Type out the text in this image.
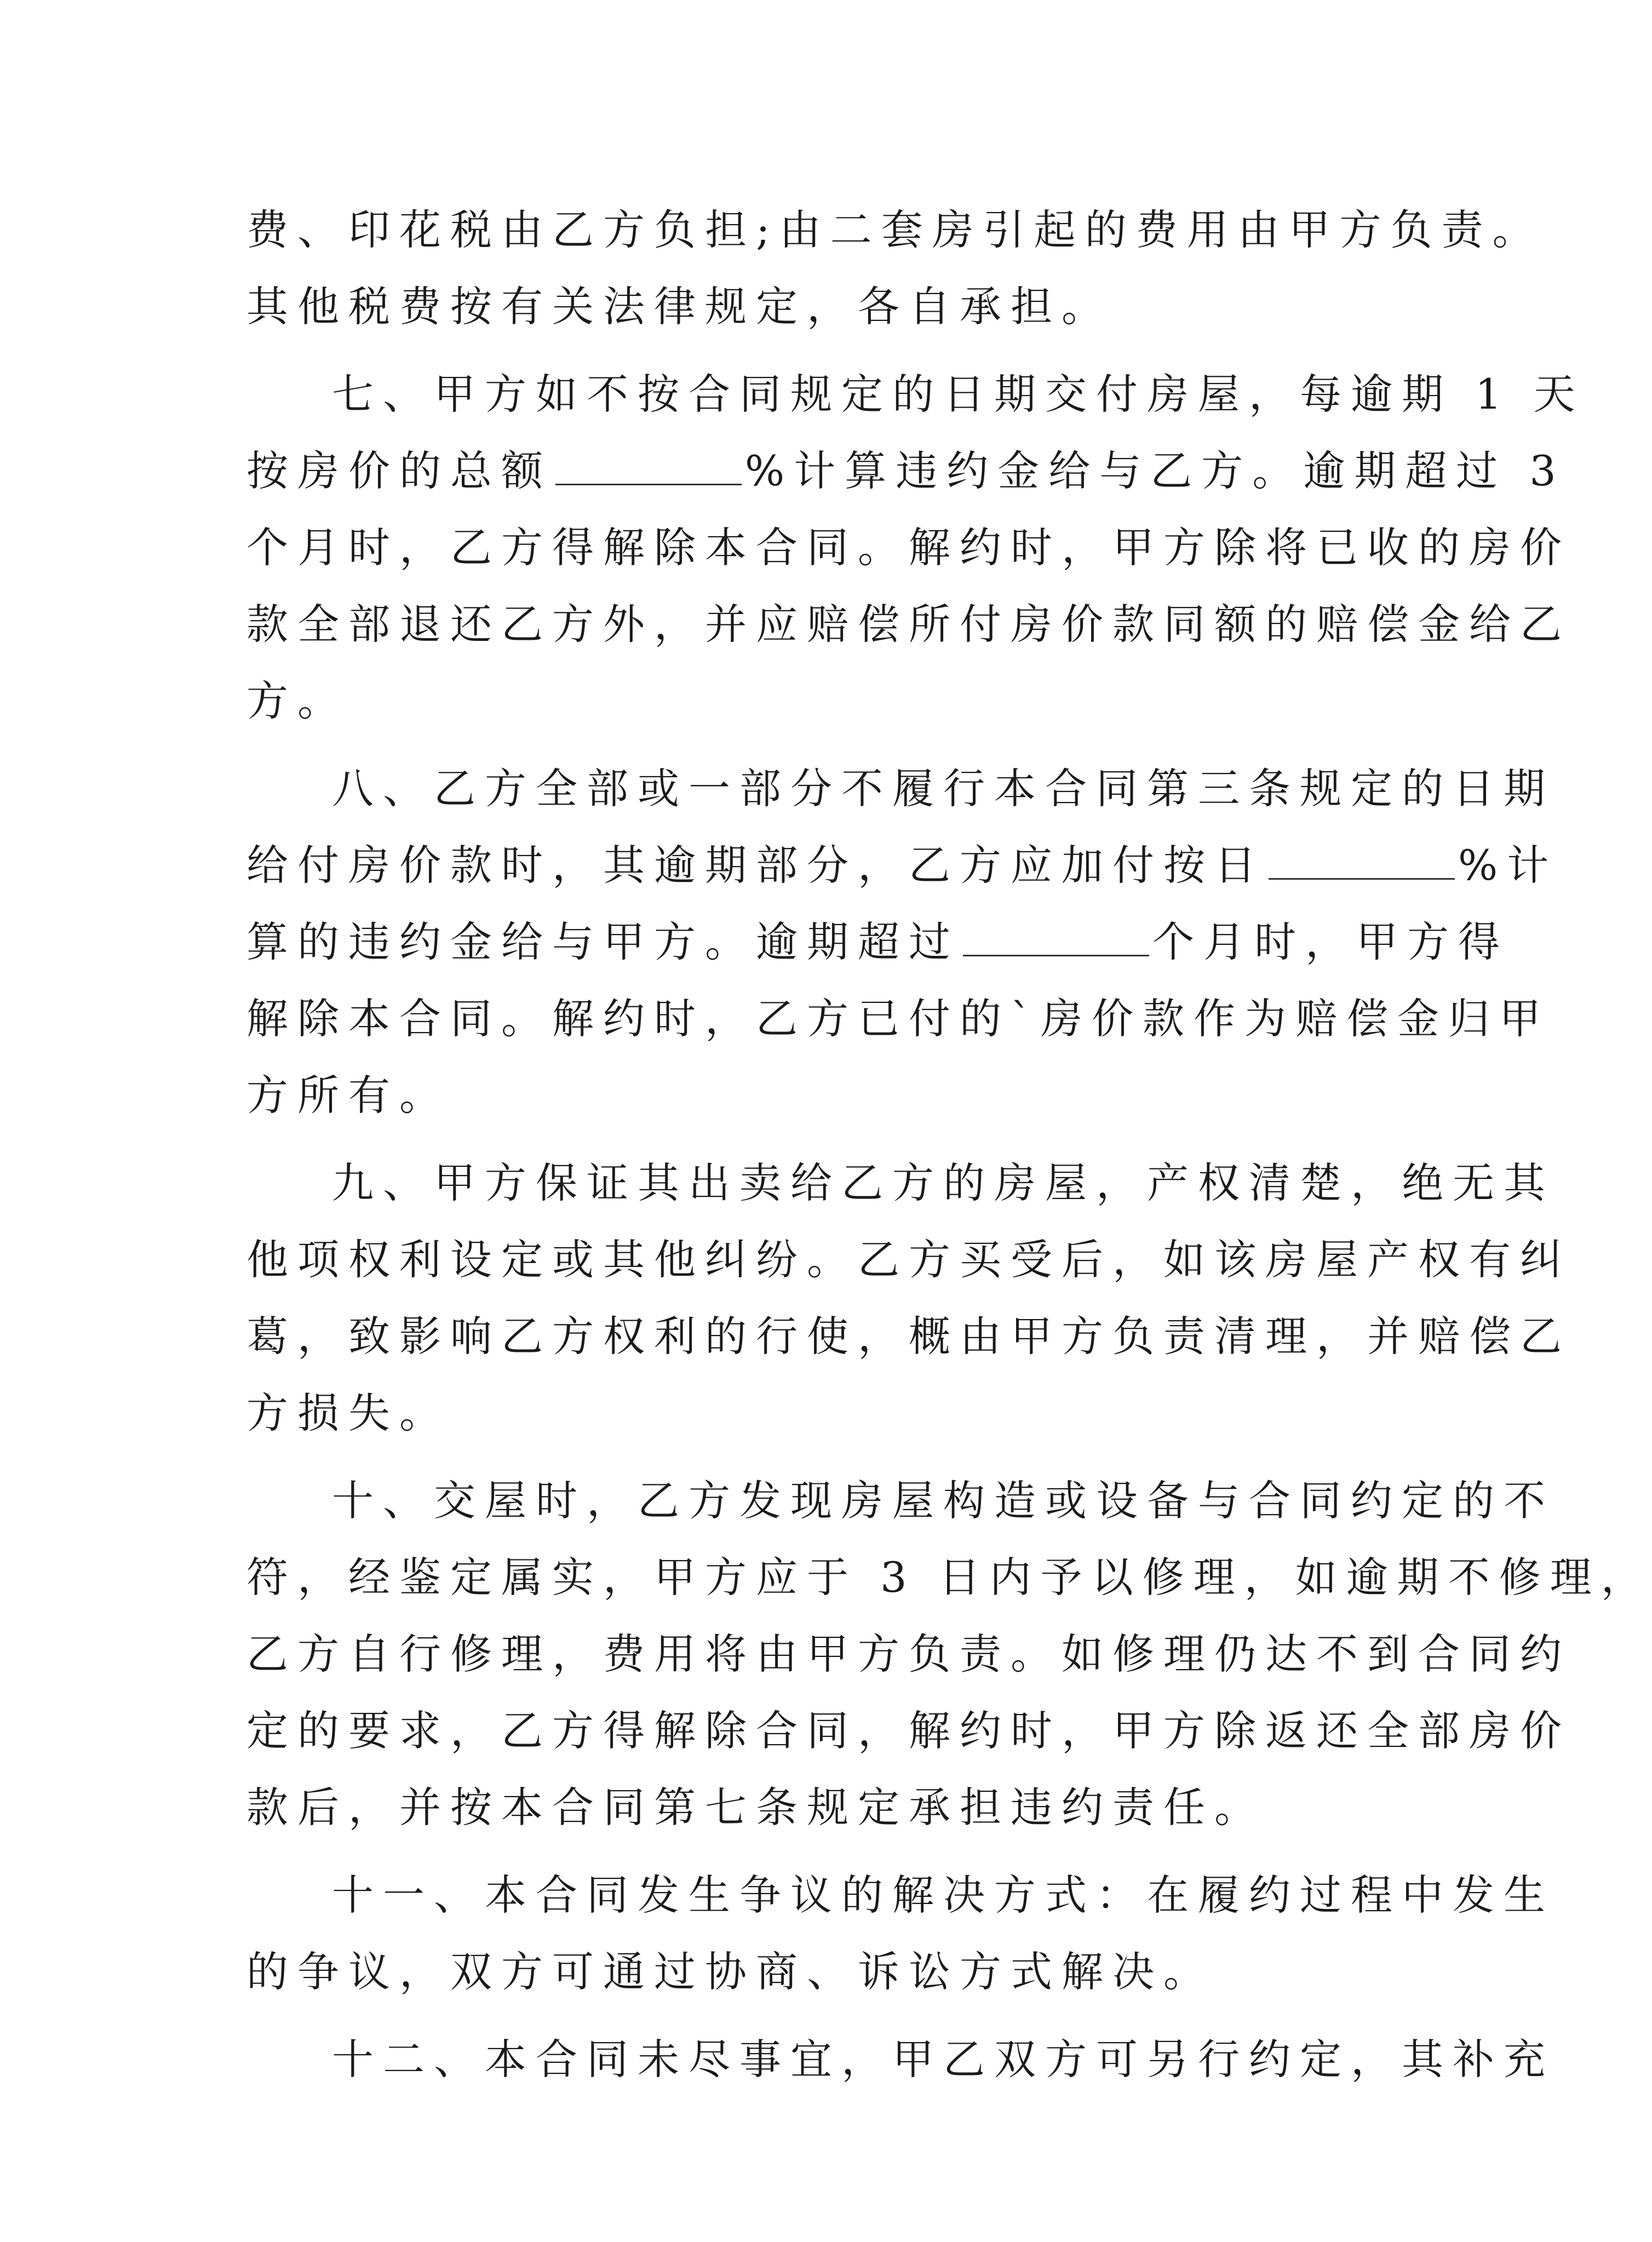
费、印花税由乙方负担;由二套房引起的费用由甲方负责。
其他税费按有关法律规定，各自承担。
七、甲方如不按合同规定的日期交付房屋，每逾期 1 天
按房价的总额	%计算违约金给与乙方。逾期超过 3
个月时，乙方得解除本合同。解约时，甲方除将已收的房价
款全部退还乙方外，并应赔偿所付房价款同额的赔偿金给乙
方。
八、乙方全部或一部分不履行本合同第三条规定的日期
给付房价款时，其逾期部分，乙方应加付按日	%计
算的违约金给与甲方。逾期超过	个月时，甲方得
解除本合同。解约时，乙方已付的`房价款作为赔偿金归甲
方所有。
九、甲方保证其出卖给乙方的房屋，产权清楚，绝无其
他项权利设定或其他纠纷。乙方买受后，如该房屋产权有纠
葛，致影响乙方权利的行使，概由甲方负责清理，并赔偿乙
方损失。
十、交屋时，乙方发现房屋构造或设备与合同约定的不
符，经鉴定属实，甲方应于 3 日内予以修理，如逾期不修理，
乙方自行修理，费用将由甲方负责。如修理仍达不到合同约
定的要求，乙方得解除合同，解约时，甲方除返还全部房价
款后，并按本合同第七条规定承担违约责任。
十一、本合同发生争议的解决方式：在履约过程中发生
的争议，双方可通过协商、诉讼方式解决。
十二、本合同未尽事宜，甲乙双方可另行约定，其补充
